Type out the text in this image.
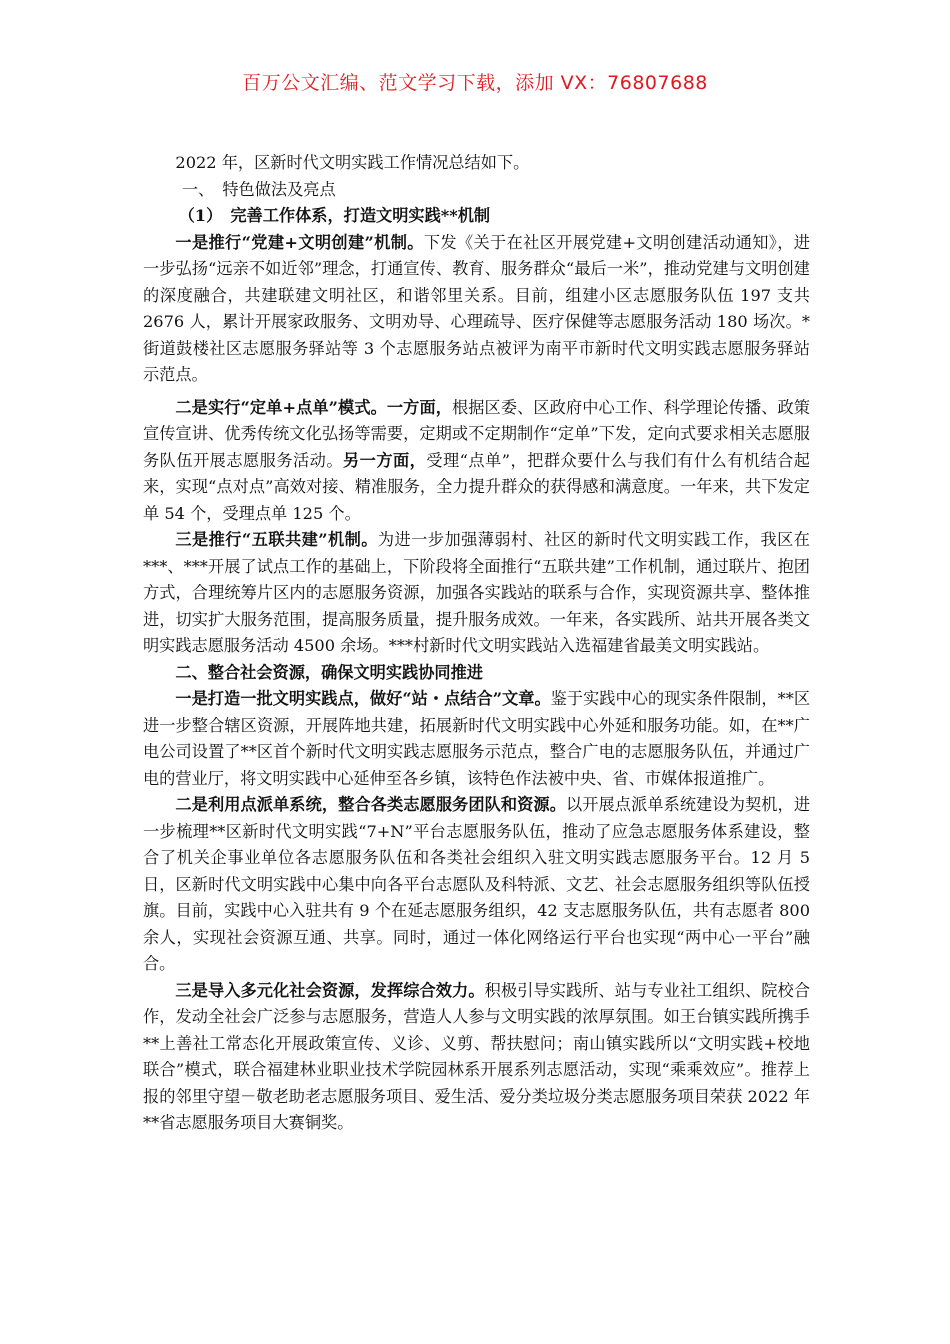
百万公文汇编、范文学习下载，添加 VX：76807688

2022 年，区新时代文明实践工作情况总结如下。

一、　特色做法及亮点

（1）　完善工作体系，打造文明实践**机制

一是推行“党建+文明创建”机制。下发《关于在社区开展党建+文明创建活动通知》，进一步弘扬“远亲不如近邻”理念，打通宣传、教育、服务群众“最后一米”，推动党建与文明创建的深度融合，共建联建文明社区，和谐邻里关系。目前，组建小区志愿服务队伍 197 支共 2676 人，累计开展家政服务、文明劝导、心理疏导、医疗保健等志愿服务活动 180 场次。*街道鼓楼社区志愿服务驿站等 3 个志愿服务站点被评为南平市新时代文明实践志愿服务驿站示范点。

二是实行“定单+点单”模式。一方面，根据区委、区政府中心工作、科学理论传播、政策宣传宣讲、优秀传统文化弘扬等需要，定期或不定期制作“定单”下发，定向式要求相关志愿服务队伍开展志愿服务活动。另一方面，受理“点单”，把群众要什么与我们有什么有机结合起来，实现“点对点”高效对接、精准服务，全力提升群众的获得感和满意度。一年来，共下发定单 54 个，受理点单 125 个。

三是推行“五联共建”机制。为进一步加强薄弱村、社区的新时代文明实践工作，我区在***、***开展了试点工作的基础上，下阶段将全面推行“五联共建”工作机制，通过联片、抱团方式，合理统筹片区内的志愿服务资源，加强各实践站的联系与合作，实现资源共享、整体推进，切实扩大服务范围，提高服务质量，提升服务成效。一年来，各实践所、站共开展各类文明实践志愿服务活动 4500 余场。***村新时代文明实践站入选福建省最美文明实践站。

二、整合社会资源，确保文明实践协同推进

一是打造一批文明实践点，做好“站・点结合”文章。鉴于实践中心的现实条件限制，**区进一步整合辖区资源，开展阵地共建，拓展新时代文明实践中心外延和服务功能。如，在**广电公司设置了**区首个新时代文明实践志愿服务示范点，整合广电的志愿服务队伍，并通过广电的营业厅，将文明实践中心延伸至各乡镇，该特色作法被中央、省、市媒体报道推广。

二是利用点派单系统，整合各类志愿服务团队和资源。以开展点派单系统建设为契机，进一步梳理**区新时代文明实践“7+N”平台志愿服务队伍，推动了应急志愿服务体系建设，整合了机关企事业单位各志愿服务队伍和各类社会组织入驻文明实践志愿服务平台。12 月 5 日，区新时代文明实践中心集中向各平台志愿队及科特派、文艺、社会志愿服务组织等队伍授旗。目前，实践中心入驻共有 9 个在延志愿服务组织，42 支志愿服务队伍，共有志愿者 800 余人，实现社会资源互通、共享。同时，通过一体化网络运行平台也实现“两中心一平台”融合。

三是导入多元化社会资源，发挥综合效力。积极引导实践所、站与专业社工组织、院校合作，发动全社会广泛参与志愿服务，营造人人参与文明实践的浓厚氛围。如王台镇实践所携手**上善社工常态化开展政策宣传、义诊、义剪、帮扶慰问；南山镇实践所以“文明实践+校地联合”模式，联合福建林业职业技术学院园林系开展系列志愿活动，实现“乘乘效应”。推荐上报的邻里守望－敬老助老志愿服务项目、爱生活、爱分类垃圾分类志愿服务项目荣获 2022 年**省志愿服务项目大赛铜奖。
